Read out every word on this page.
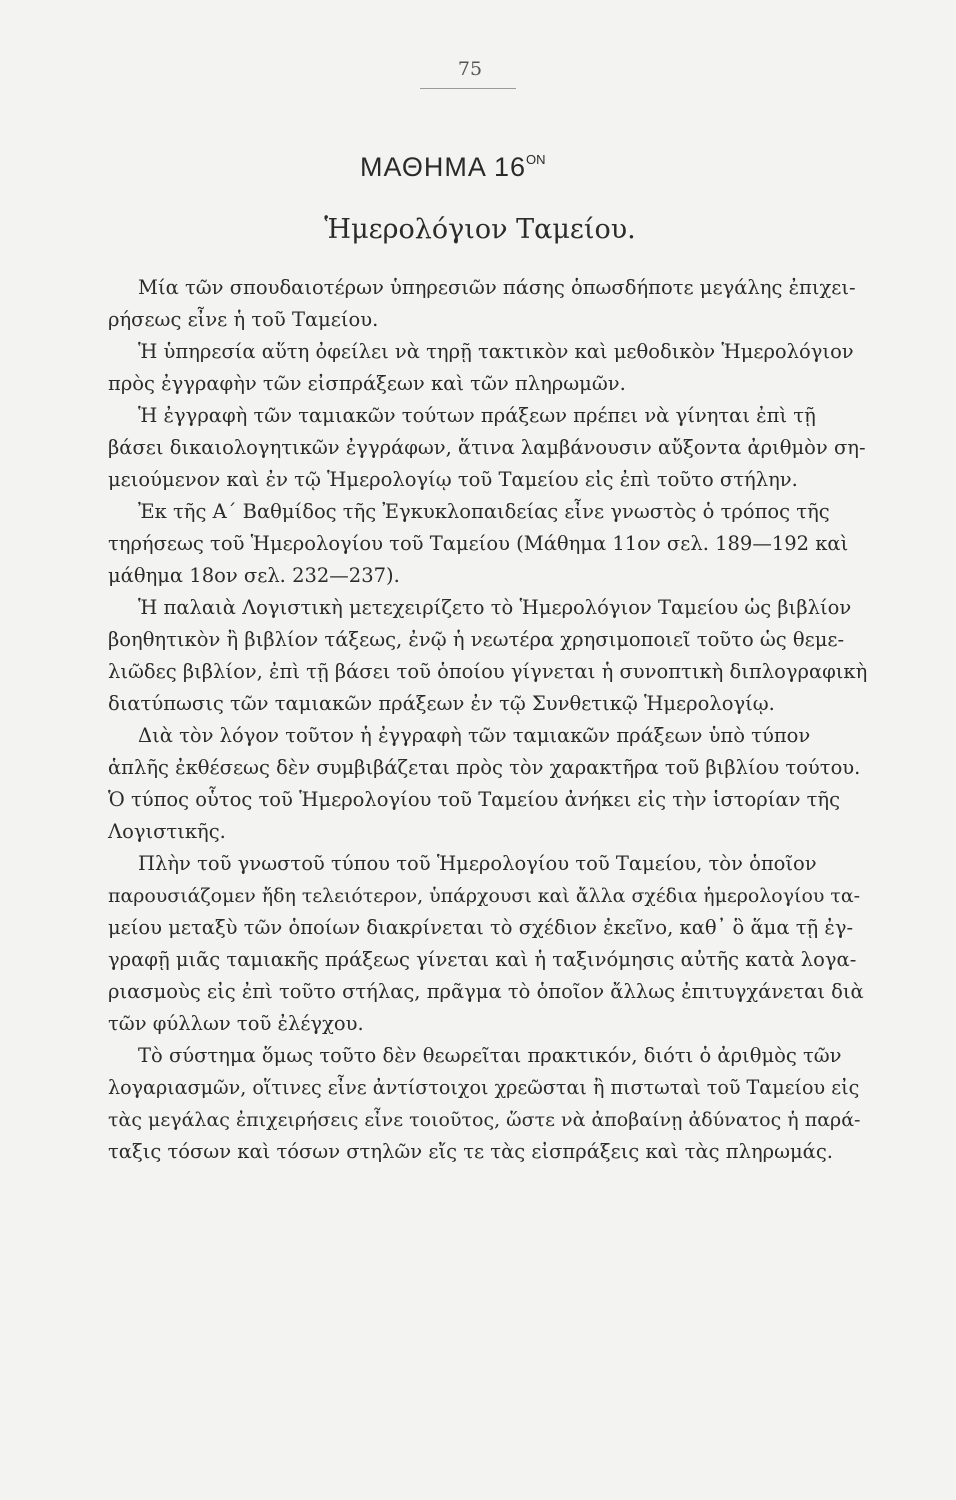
75
ΜΑΘΗΜΑ $16^{ON}$
Ἡμερολόγιον Ταμείου.
Μία τῶν σπουδαιοτέρων ὑπηρεσιῶν πάσης ὁπωσδήποτε μεγάλης ἐπιχει-
ρήσεως εἶνε ἡ τοῦ Ταμείου.
Ἡ ὑπηρεσία αὕτη ὀφείλει νὰ τηρῇ τακτικὸν καὶ μεθοδικὸν Ἡμερολόγιον
πρὸς ἐγγραφὴν τῶν εἰσπράξεων καὶ τῶν πληρωμῶν.
Ἡ ἐγγραφὴ τῶν ταμιακῶν τούτων πράξεων πρέπει νὰ γίνηται ἐπὶ τῇ
βάσει δικαιολογητικῶν ἐγγράφων, ἅτινα λαμβάνουσιν αὔξοντα ἀριθμὸν ση-
μειούμενον καὶ ἐν τῷ Ἡμερολογίῳ τοῦ Ταμείου εἰς ἐπὶ τοῦτο στήλην.
Ἐκ τῆς Α΄ Βαθμίδος τῆς Ἐγκυκλοπαιδείας εἶνε γνωστὸς ὁ τρόπος τῆς
τηρήσεως τοῦ Ἡμερολογίου τοῦ Ταμείου (Μάθημα 11ον σελ. 189—192 καὶ
μάθημα 18ον σελ. 232—237).
Ἡ παλαιὰ Λογιστικὴ μετεχειρίζετο τὸ Ἡμερολόγιον Ταμείου ὡς βιβλίον
βοηθητικὸν ἢ βιβλίον τάξεως, ἐνῷ ἡ νεωτέρα χρησιμοποιεῖ τοῦτο ὡς θεμε-
λιῶδες βιβλίον, ἐπὶ τῇ βάσει τοῦ ὁποίου γίγνεται ἡ συνοπτικὴ διπλογραφικὴ
διατύπωσις τῶν ταμιακῶν πράξεων ἐν τῷ Συνθετικῷ Ἡμερολογίῳ.
Διὰ τὸν λόγον τοῦτον ἡ ἐγγραφὴ τῶν ταμιακῶν πράξεων ὑπὸ τύπον
ἁπλῆς ἐκθέσεως δὲν συμβιβάζεται πρὸς τὸν χαρακτῆρα τοῦ βιβλίου τούτου.
Ὁ τύπος οὗτος τοῦ Ἡμερολογίου τοῦ Ταμείου ἀνήκει εἰς τὴν ἱστορίαν τῆς
Λογιστικῆς.
Πλὴν τοῦ γνωστοῦ τύπου τοῦ Ἡμερολογίου τοῦ Ταμείου, τὸν ὁποῖον
παρουσιάζομεν ἤδη τελειότερον, ὑπάρχουσι καὶ ἄλλα σχέδια ἡμερολογίου τα-
μείου μεταξὺ τῶν ὁποίων διακρίνεται τὸ σχέδιον ἐκεῖνο, καθ᾽ ὃ ἅμα τῇ ἐγ-
γραφῇ μιᾶς ταμιακῆς πράξεως γίνεται καὶ ἡ ταξινόμησις αὐτῆς κατὰ λογα-
ριασμοὺς εἰς ἐπὶ τοῦτο στήλας, πρᾶγμα τὸ ὁποῖον ἄλλως ἐπιτυγχάνεται διὰ
τῶν φύλλων τοῦ ἐλέγχου.
Τὸ σύστημα ὅμως τοῦτο δὲν θεωρεῖται πρακτικόν, διότι ὁ ἀριθμὸς τῶν
λογαριασμῶν, οἵτινες εἶνε ἀντίστοιχοι χρεῶσται ἢ πιστωταὶ τοῦ Ταμείου εἰς
τὰς μεγάλας ἐπιχειρήσεις εἶνε τοιοῦτος, ὥστε νὰ ἀποβαίνῃ ἀδύνατος ἡ παρά-
ταξις τόσων καὶ τόσων στηλῶν εἴς τε τὰς εἰσπράξεις καὶ τὰς πληρωμάς.
